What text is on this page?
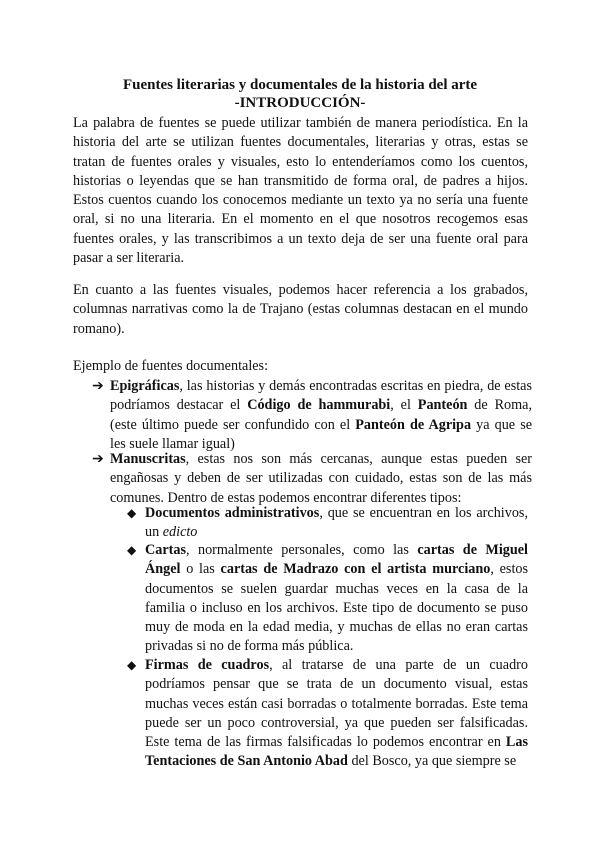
Fuentes literarias y documentales de la historia del arte
-INTRODUCCIÓN-

La palabra de fuentes se puede utilizar también de manera periodística. En la historia del arte se utilizan fuentes documentales, literarias y otras, estas se tratan de fuentes orales y visuales, esto lo entenderíamos como los cuentos, historias o leyendas que se han transmitido de forma oral, de padres a hijos. Estos cuentos cuando los conocemos mediante un texto ya no sería una fuente oral, si no una literaria. En el momento en el que nosotros recogemos esas fuentes orales, y las transcribimos a un texto deja de ser una fuente oral para pasar a ser literaria.

En cuanto a las fuentes visuales, podemos hacer referencia a los grabados, columnas narrativas como la de Trajano (estas columnas destacan en el mundo romano).

Ejemplo de fuentes documentales:

➔ Epigráficas, las historias y demás encontradas escritas en piedra, de estas podríamos destacar el Código de hammurabi, el Panteón de Roma, (este último puede ser confundido con el Panteón de Agripa ya que se les suele llamar igual)
➔ Manuscritas, estas nos son más cercanas, aunque estas pueden ser engañosas y deben de ser utilizadas con cuidado, estas son de las más comunes. Dentro de estas podemos encontrar diferentes tipos:
◆ Documentos administrativos, que se encuentran en los archivos, un edicto
◆ Cartas, normalmente personales, como las cartas de Miguel Ángel o las cartas de Madrazo con el artista murciano, estos documentos se suelen guardar muchas veces en la casa de la familia o incluso en los archivos. Este tipo de documento se puso muy de moda en la edad media, y muchas de ellas no eran cartas privadas si no de forma más pública.
◆ Firmas de cuadros, al tratarse de una parte de un cuadro podríamos pensar que se trata de un documento visual, estas muchas veces están casi borradas o totalmente borradas. Este tema puede ser un poco controversial, ya que pueden ser falsificadas. Este tema de las firmas falsificadas lo podemos encontrar en Las Tentaciones de San Antonio Abad del Bosco, ya que siempre se
